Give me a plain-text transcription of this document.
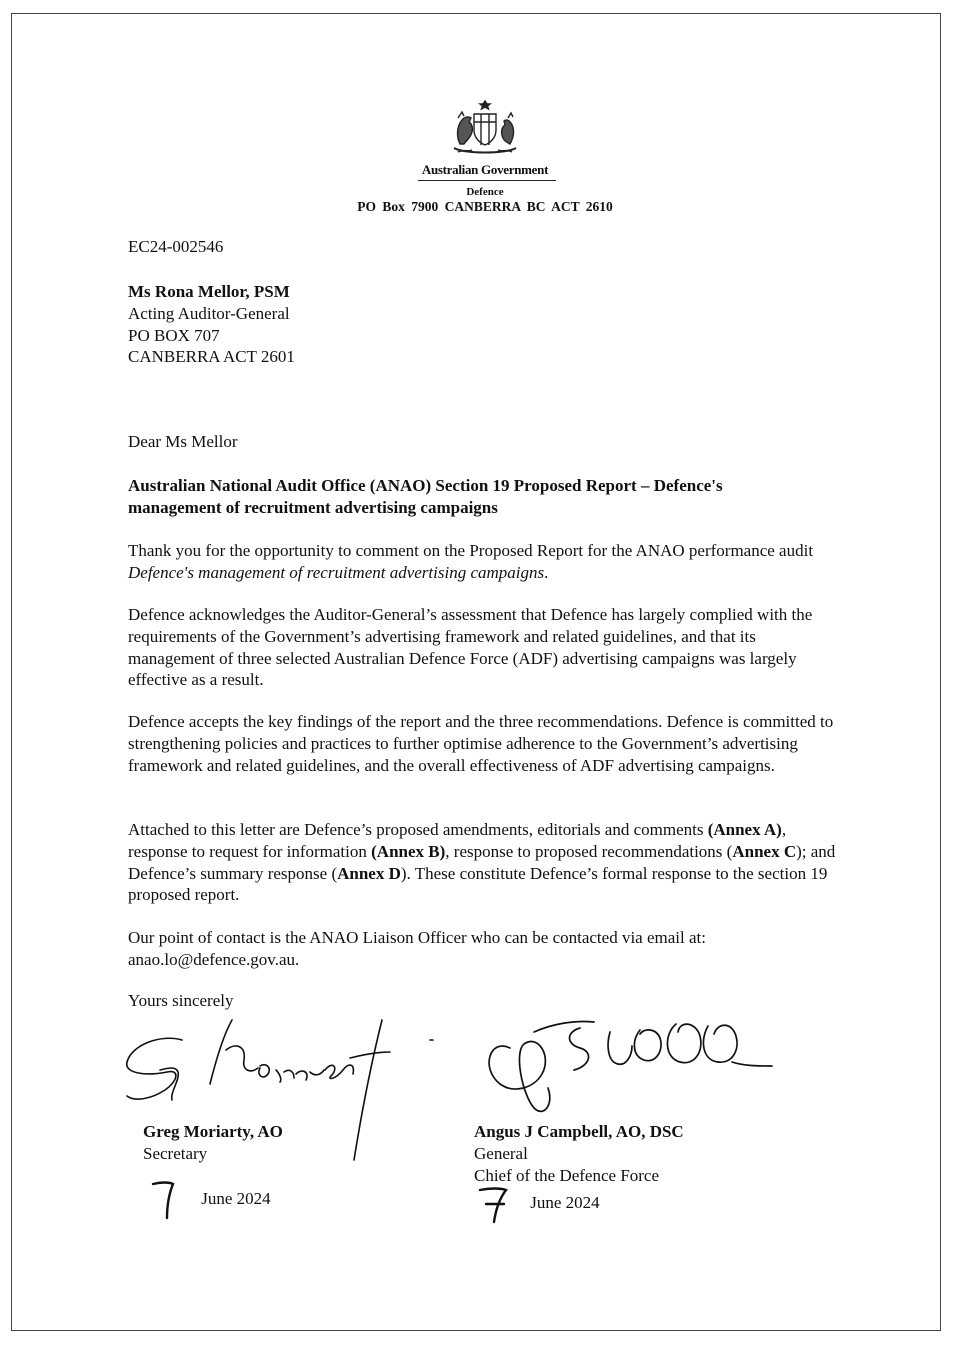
Australian Government
Defence
PO Box 7900 CANBERRA BC ACT 2610

EC24-002546

Ms Rona Mellor, PSM
Acting Auditor-General
PO BOX 707
CANBERRA ACT 2601

Dear Ms Mellor

Australian National Audit Office (ANAO) Section 19 Proposed Report – Defence's management of recruitment advertising campaigns

Thank you for the opportunity to comment on the Proposed Report for the ANAO performance audit Defence's management of recruitment advertising campaigns.

Defence acknowledges the Auditor-General’s assessment that Defence has largely complied with the requirements of the Government’s advertising framework and related guidelines, and that its management of three selected Australian Defence Force (ADF) advertising campaigns was largely effective as a result.

Defence accepts the key findings of the report and the three recommendations. Defence is committed to strengthening policies and practices to further optimise adherence to the Government’s advertising framework and related guidelines, and the overall effectiveness of ADF advertising campaigns.

Attached to this letter are Defence’s proposed amendments, editorials and comments (Annex A), response to request for information (Annex B), response to proposed recommendations (Annex C); and Defence’s summary response (Annex D). These constitute Defence’s formal response to the section 19 proposed report.

Our point of contact is the ANAO Liaison Officer who can be contacted via email at: anao.lo@defence.gov.au.

Yours sincerely

Greg Moriarty, AO
Secretary
Angus J Campbell, AO, DSC
General
Chief of the Defence Force
June 2024	June 2024
